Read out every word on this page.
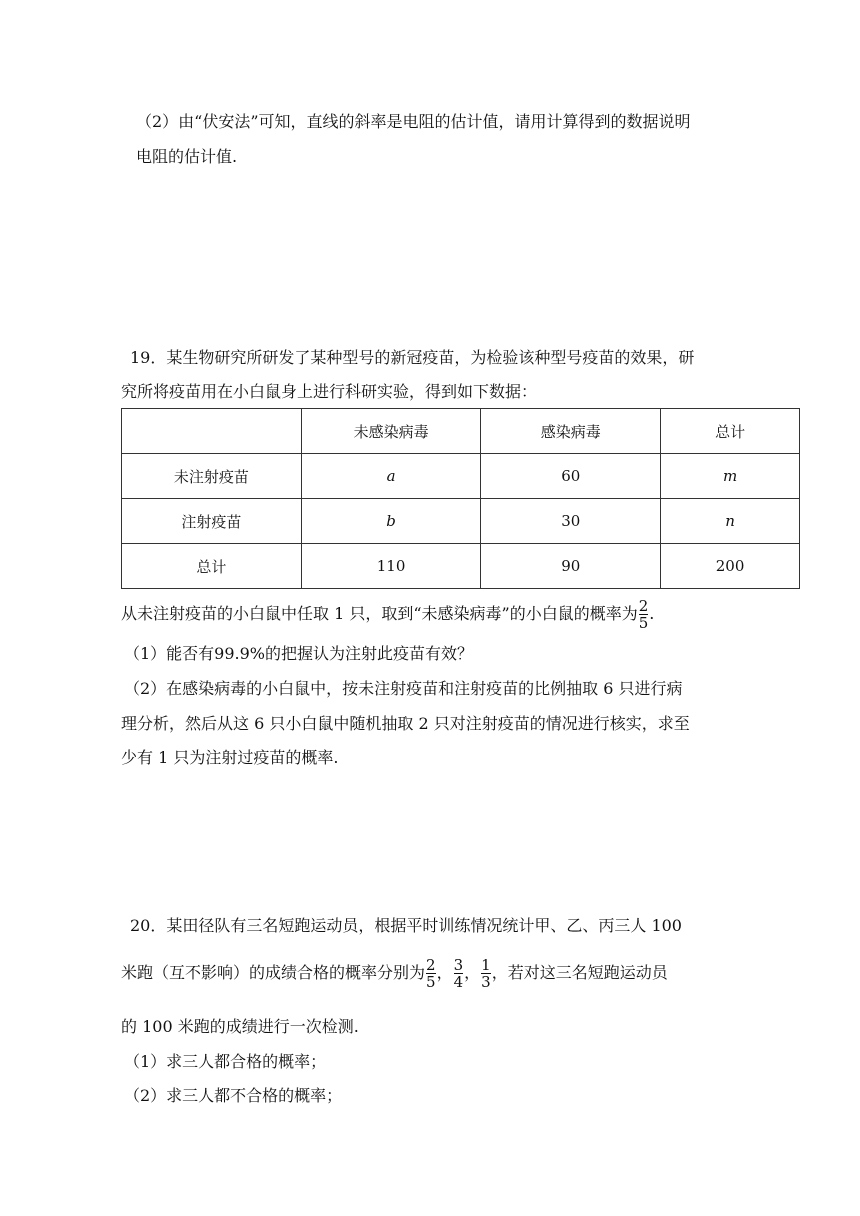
（2）由“伏安法”可知，直线的斜率是电阻的估计值，请用计算得到的数据说明
电阻的估计值.
19．某生物研究所研发了某种型号的新冠疫苗，为检验该种型号疫苗的效果，研
究所将疫苗用在小白鼠身上进行科研实验，得到如下数据：
	未感染病毒	感染病毒	总计
未注射疫苗	a	60	m
注射疫苗	b	30	n
总计	110	90	200
从未注射疫苗的小白鼠中任取 1 只，取到“未感染病毒”的小白鼠的概率为 $\frac{2}{5}$ .
（1）能否有99.9%的把握认为注射此疫苗有效？
（2）在感染病毒的小白鼠中，按未注射疫苗和注射疫苗的比例抽取 6 只进行病
理分析，然后从这 6 只小白鼠中随机抽取 2 只对注射疫苗的情况进行核实，求至
少有 1 只为注射过疫苗的概率.
20．某田径队有三名短跑运动员，根据平时训练情况统计甲、乙、丙三人 100
米跑（互不影响）的成绩合格的概率分别为 $\frac{2}{5}$ ， $\frac{3}{4}$ ， $\frac{1}{3}$ ，若对这三名短跑运动员
的 100 米跑的成绩进行一次检测.
（1）求三人都合格的概率；
（2）求三人都不合格的概率；
